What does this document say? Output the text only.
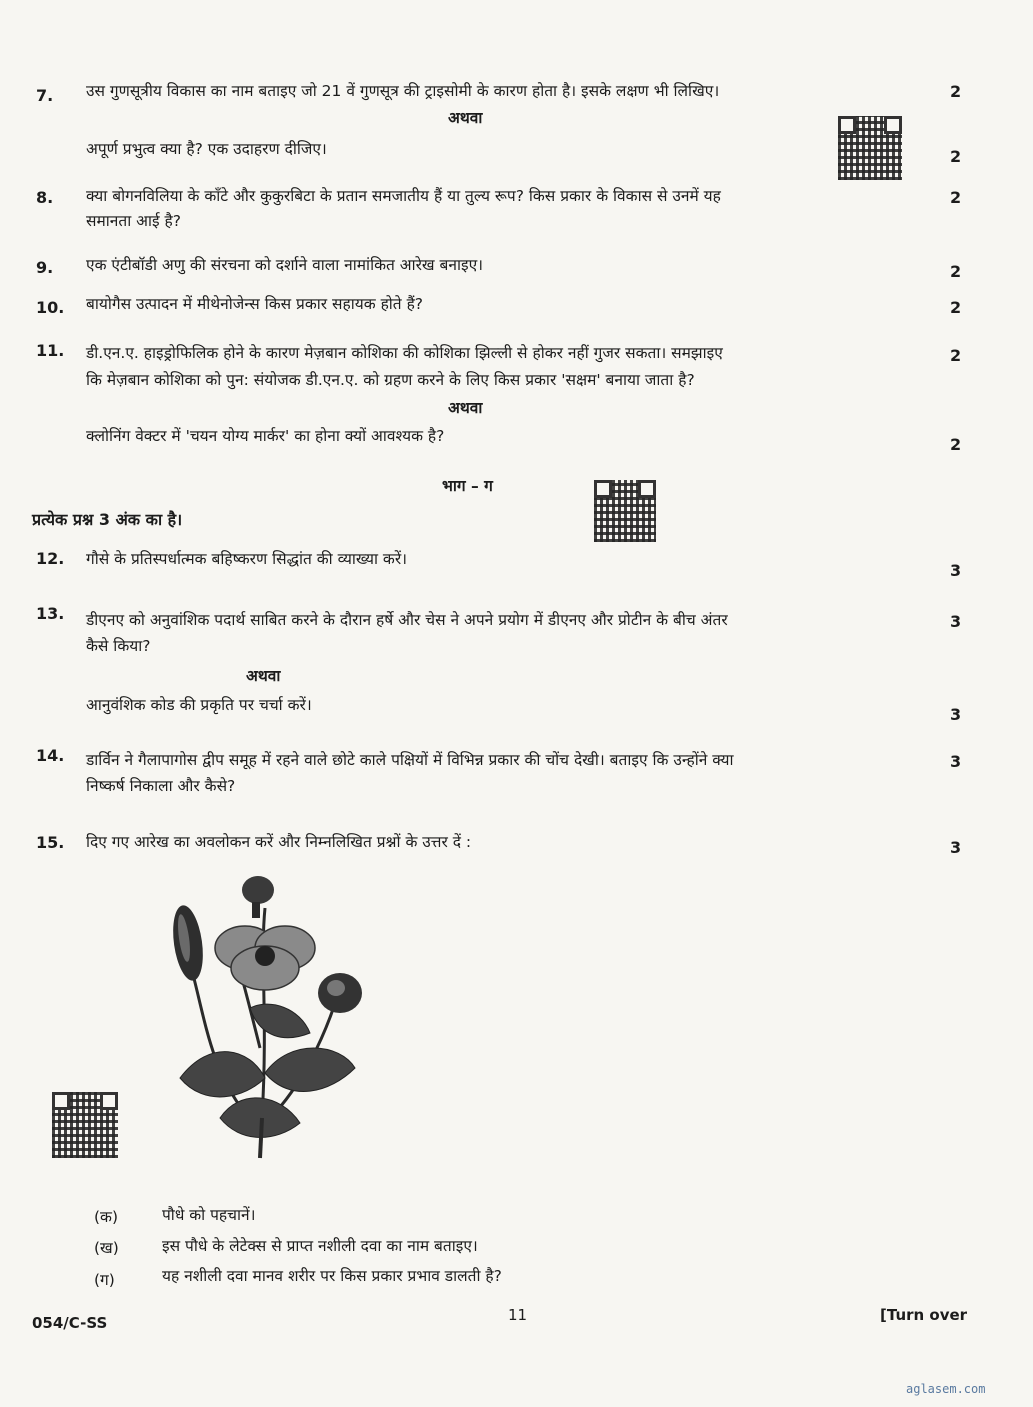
7. उस गुणसूत्रीय विकास का नाम बताइए जो 21 वें गुणसूत्र की ट्राइसोमी के कारण होता है। इसके लक्षण भी लिखिए।	2
अथवा
अपूर्ण प्रभुत्व क्या है? एक उदाहरण दीजिए।	2
8. क्या बोगनविलिया के काँटे और कुकुरबिटा के प्रतान समजातीय हैं या तुल्य रूप? किस प्रकार के विकास से उनमें यह
समानता आई है?
2
9. एक एंटीबॉडी अणु की संरचना को दर्शाने वाला नामांकित आरेख बनाइए।	2
10. बायोगैस उत्पादन में मीथेनोजेन्स किस प्रकार सहायक होते हैं?	2
11. डी.एन.ए. हाइड्रोफिलिक होने के कारण मेज़बान कोशिका की कोशिका झिल्ली से होकर नहीं गुजर सकता। समझाइए
कि मेज़बान कोशिका को पुन: संयोजक डी.एन.ए. को ग्रहण करने के लिए किस प्रकार 'सक्षम' बनाया जाता है?
2
अथवा
क्लोनिंग वेक्टर में 'चयन योग्य मार्कर' का होना क्यों आवश्यक है?	2
भाग – ग
प्रत्येक प्रश्न 3 अंक का है।
12. गौसे के प्रतिस्पर्धात्मक बहिष्करण सिद्धांत की व्याख्या करें।
3
13. डीएनए को अनुवांशिक पदार्थ साबित करने के दौरान हर्षे और चेस ने अपने प्रयोग में डीएनए और प्रोटीन के बीच अंतर
कैसे किया?
3
अथवा
आनुवंशिक कोड की प्रकृति पर चर्चा करें।	3
14. डार्विन ने गैलापागोस द्वीप समूह में रहने वाले छोटे काले पक्षियों में विभिन्न प्रकार की चोंच देखी। बताइए कि उन्होंने क्या
निष्कर्ष निकाला और कैसे?
3
15. दिए गए आरेख का अवलोकन करें और निम्नलिखित प्रश्नों के उत्तर दें :	3
(क)	पौधे को पहचानें।
(ख)	इस पौधे के लेटेक्स से प्राप्त नशीली दवा का नाम बताइए।
(ग)	यह नशीली दवा मानव शरीर पर किस प्रकार प्रभाव डालती है?
054/C-SS	11	[Turn over
aglasem.com
